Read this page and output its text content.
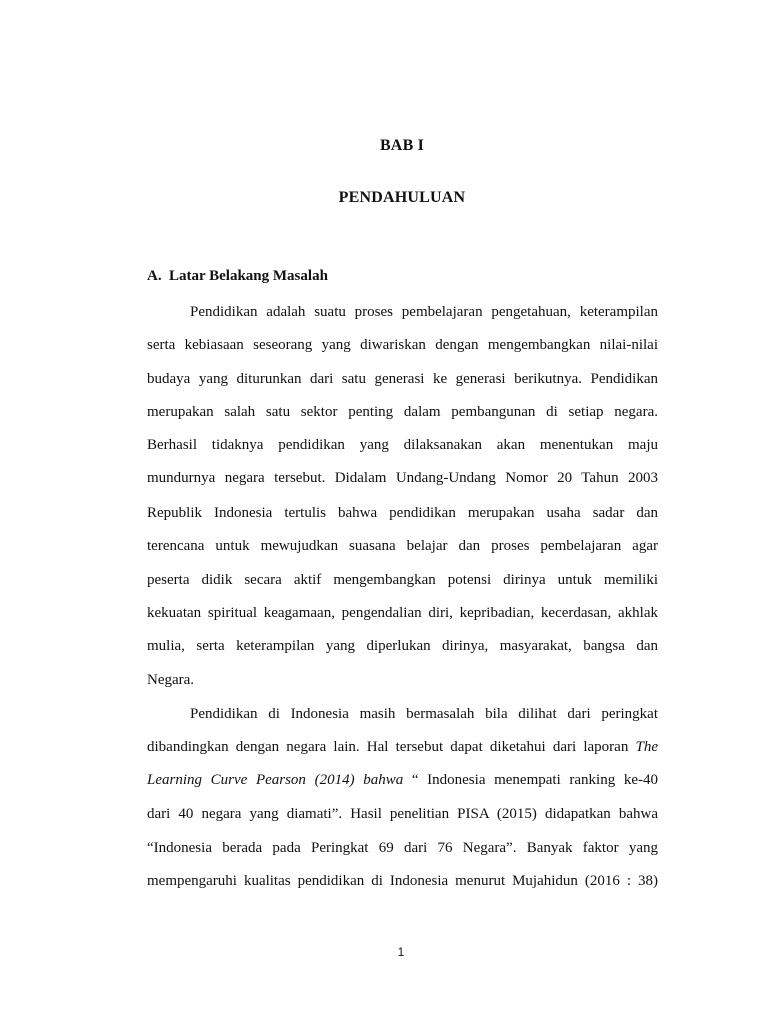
BAB I
PENDAHULUAN
A. Latar Belakang Masalah
Pendidikan adalah suatu proses pembelajaran pengetahuan, keterampilan
serta kebiasaan seseorang yang diwariskan dengan mengembangkan nilai-nilai
budaya yang diturunkan dari satu generasi ke generasi berikutnya. Pendidikan
merupakan salah satu sektor penting dalam pembangunan di setiap negara.
Berhasil tidaknya pendidikan yang dilaksanakan akan menentukan maju
mundurnya negara tersebut. Didalam Undang-Undang Nomor 20 Tahun 2003
Republik Indonesia tertulis bahwa pendidikan merupakan usaha sadar dan
terencana untuk mewujudkan suasana belajar dan proses pembelajaran agar
peserta didik secara aktif mengembangkan potensi dirinya untuk memiliki
kekuatan spiritual keagamaan, pengendalian diri, kepribadian, kecerdasan, akhlak
mulia, serta keterampilan yang diperlukan dirinya, masyarakat, bangsa dan
Negara.
Pendidikan di Indonesia masih bermasalah bila dilihat dari peringkat
dibandingkan dengan negara lain. Hal tersebut dapat diketahui dari laporan The
Learning Curve Pearson (2014) bahwa “ Indonesia menempati ranking ke-40
dari 40 negara yang diamati”. Hasil penelitian PISA (2015) didapatkan bahwa
“Indonesia berada pada Peringkat 69 dari 76 Negara”. Banyak faktor yang
mempengaruhi kualitas pendidikan di Indonesia menurut Mujahidun (2016 : 38)
1
